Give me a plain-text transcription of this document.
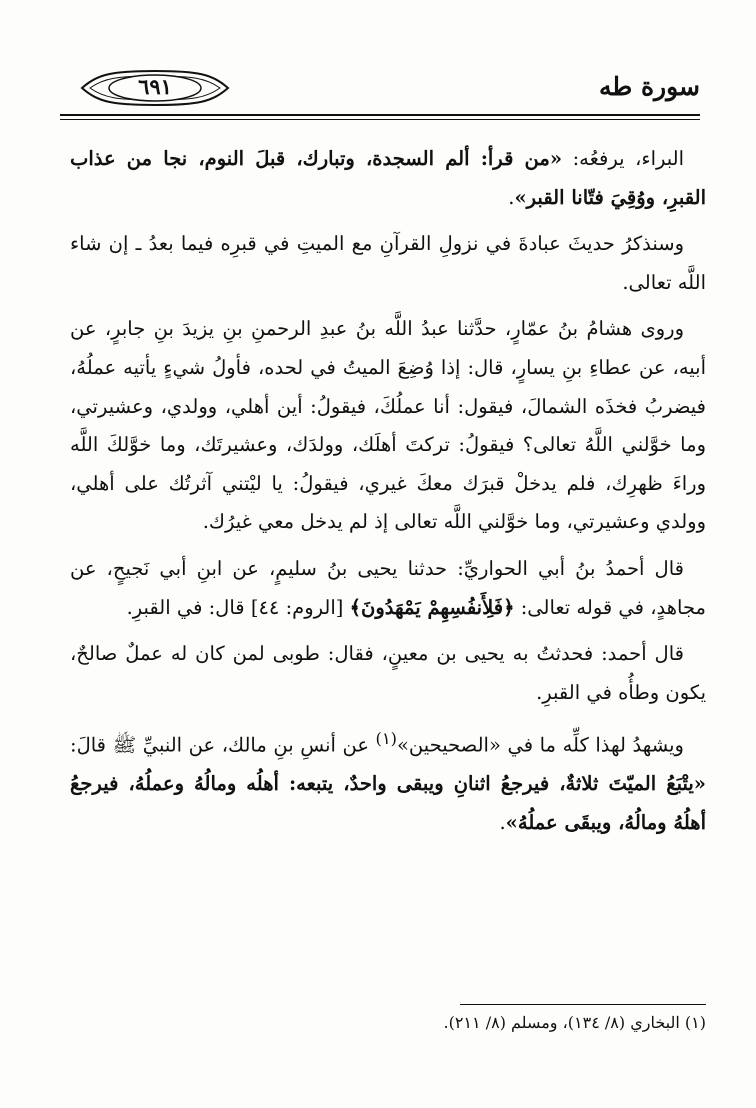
سورة طه
٦٩١

البراء، يرفعُه: «من قرأ: ألم السجدة، وتبارك، قبلَ النوم، نجا من عذاب القبرِ، ووُقِيَ فتّانا القبر».

وسنذكرُ حديثَ عبادةَ في نزولِ القرآنِ مع الميتِ في قبرِه فيما بعدُ ـ إن شاء اللَّه تعالى.

وروى هشامُ بنُ عمّارٍ، حدَّثنا عبدُ اللَّه بنُ عبدِ الرحمنِ بنِ يزيدَ بنِ جابرٍ، عن أبيه، عن عطاءِ بنِ يسارٍ، قال: إذا وُضِعَ الميتُ في لحده، فأولُ شيءٍ يأتيه عملُهُ، فيضربُ فخذَه الشمالَ، فيقول: أنا عملُكَ، فيقولُ: أين أهلي، وولدي، وعشيرتي، وما خوَّلني اللَّهُ تعالى؟ فيقولُ: تركتَ أهلَك، وولدَك، وعشيرتَك، وما خوَّلكَ اللَّه وراءَ ظهرِك، فلم يدخلْ قبرَك معكَ غيري، فيقولُ: يا ليْتني آثرتُك على أهلي، وولدي وعشيرتي، وما خوَّلني اللَّه تعالى إذ لم يدخل معي غيرُك.

قال أحمدُ بنُ أبي الحواريِّ: حدثنا يحيى بنُ سليمٍ، عن ابنِ أبي نَجيحٍ، عن مجاهدٍ، في قوله تعالى: ﴿فَلِأَنفُسِهِمْ يَمْهَدُونَ﴾ [الروم: ٤٤] قال: في القبرِ.

قال أحمد: فحدثتُ به يحيى بن معينٍ، فقال: طوبى لمن كان له عملٌ صالحٌ، يكون وطأُه في القبرِ.

ويشهدُ لهذا كلِّه ما في «الصحيحين»$^{(١)}$ عن أنسِ بنِ مالك، عن النبيِّ ﷺ قالَ: «يتْبَعُ الميّتَ ثلاثةٌ، فيرجعُ اثنانِ ويبقى واحدٌ، يتبعه: أهلُه ومالُهُ وعملُهُ، فيرجعُ أهلُهُ ومالُهُ، ويبقَى عملُهُ».

(١) البخاري (٨/ ١٣٤)، ومسلم (٨/ ٢١١).
